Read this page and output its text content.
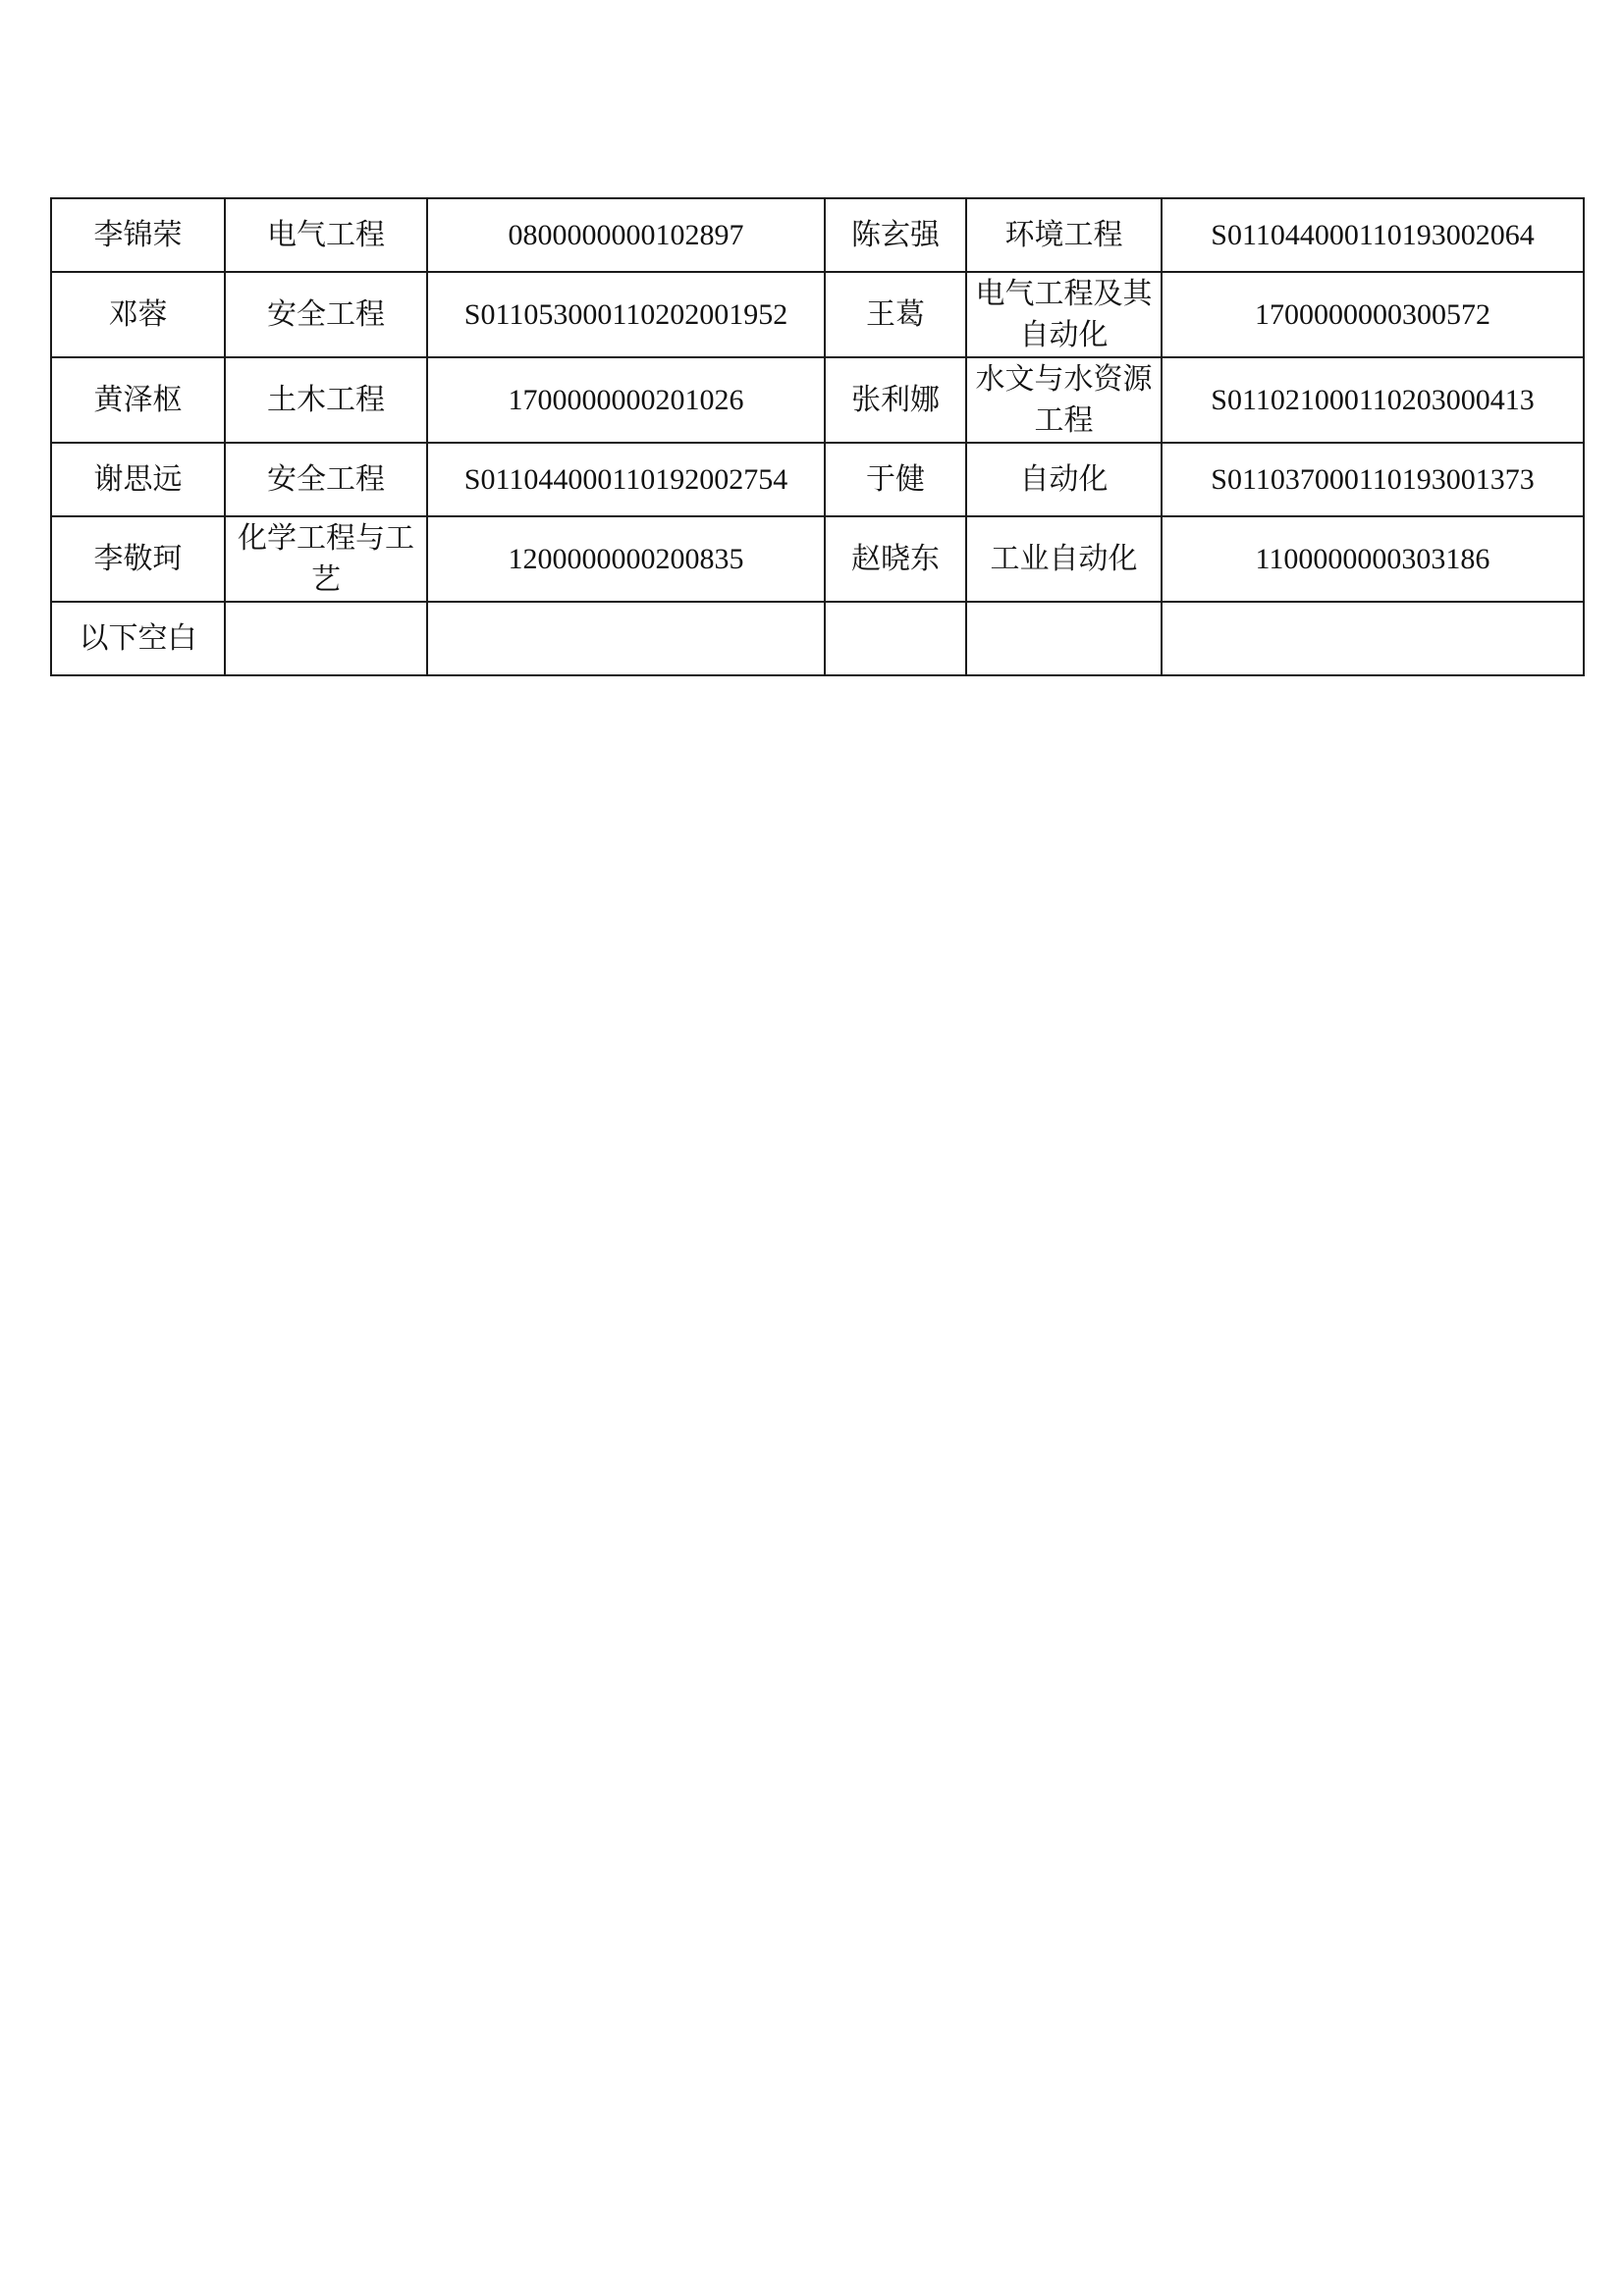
李锦荣	电气工程	0800000000102897	陈玄强	环境工程	S011044000110193002064
邓蓉	安全工程	S011053000110202001952	王葛	电气工程及其自动化	1700000000300572
黄泽枢	土木工程	1700000000201026	张利娜	水文与水资源工程	S011021000110203000413
谢思远	安全工程	S011044000110192002754	于健	自动化	S011037000110193001373
李敬珂	化学工程与工艺	1200000000200835	赵晓东	工业自动化	1100000000303186
以下空白					
